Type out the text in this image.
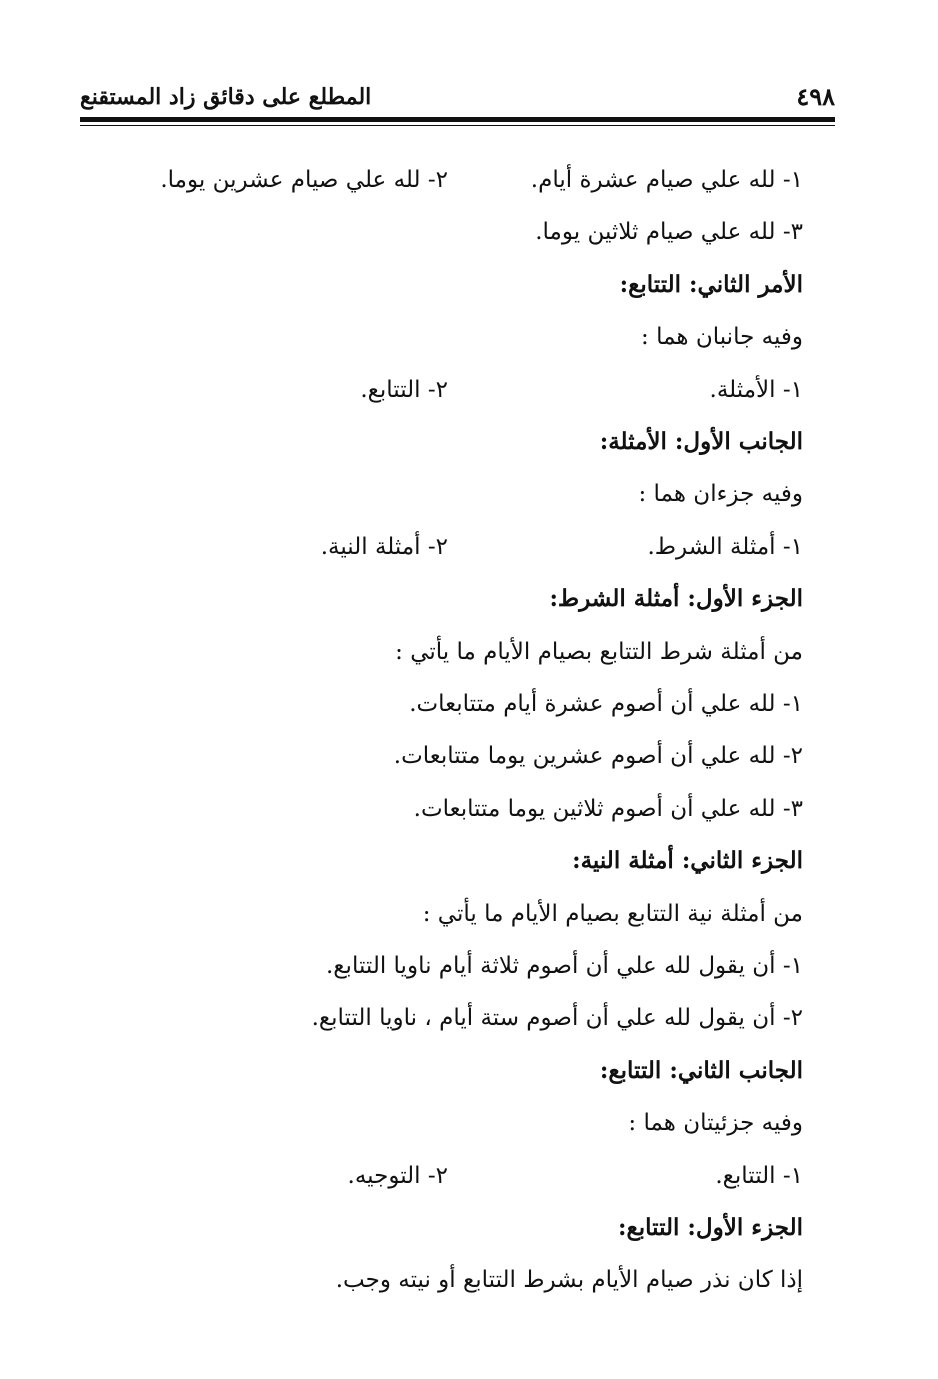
٤٩٨
المطلع على دقائق زاد المستقنع
١- لله علي صيام عشرة أيام.
٢- لله علي صيام عشرين يوما.
٣- لله علي صيام ثلاثين يوما.
الأمر الثاني: التتابع:
وفيه جانبان هما :
١- الأمثلة.
٢- التتابع.
الجانب الأول: الأمثلة:
وفيه جزءان هما :
١- أمثلة الشرط.
٢- أمثلة النية.
الجزء الأول: أمثلة الشرط:
من أمثلة شرط التتابع بصيام الأيام ما يأتي :
١- لله علي أن أصوم عشرة أيام متتابعات.
٢- لله علي أن أصوم عشرين يوما متتابعات.
٣- لله علي أن أصوم ثلاثين يوما متتابعات.
الجزء الثاني: أمثلة النية:
من أمثلة نية التتابع بصيام الأيام ما يأتي :
١- أن يقول لله علي أن أصوم ثلاثة أيام ناويا التتابع.
٢- أن يقول لله علي أن أصوم ستة أيام ، ناويا التتابع.
الجانب الثاني: التتابع:
وفيه جزئيتان هما :
١- التتابع.
٢- التوجيه.
الجزء الأول: التتابع:
إذا كان نذر صيام الأيام بشرط التتابع أو نيته وجب.
